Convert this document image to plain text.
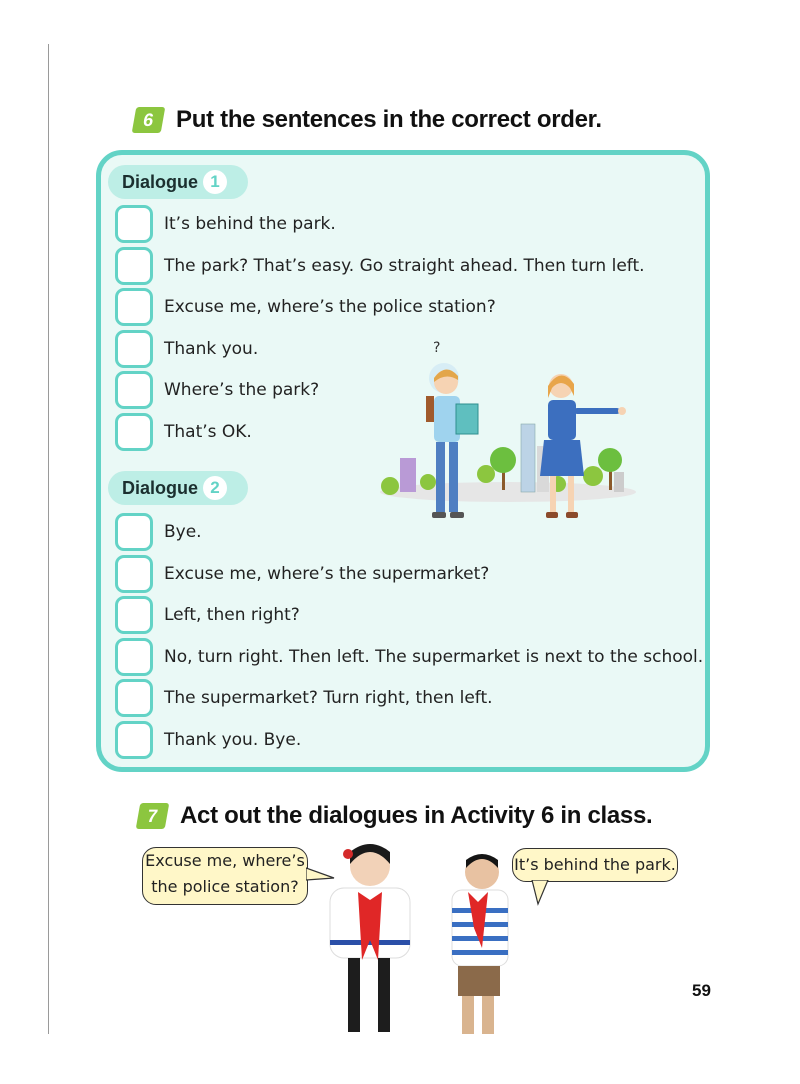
6 Put the sentences in the correct order.
Dialogue 1
It’s behind the park.
The park? That’s easy. Go straight ahead. Then turn left.
Excuse me, where’s the police station?
Thank you.
Where’s the park?
That’s OK.
Dialogue 2
Bye.
Excuse me, where’s the supermarket?
Left, then right?
No, turn right. Then left. The supermarket is next to the school.
The supermarket? Turn right, then left.
Thank you. Bye.
?
7 Act out the dialogues in Activity 6 in class.
Excuse me, where’s
the police station?
It’s behind the park.
59
